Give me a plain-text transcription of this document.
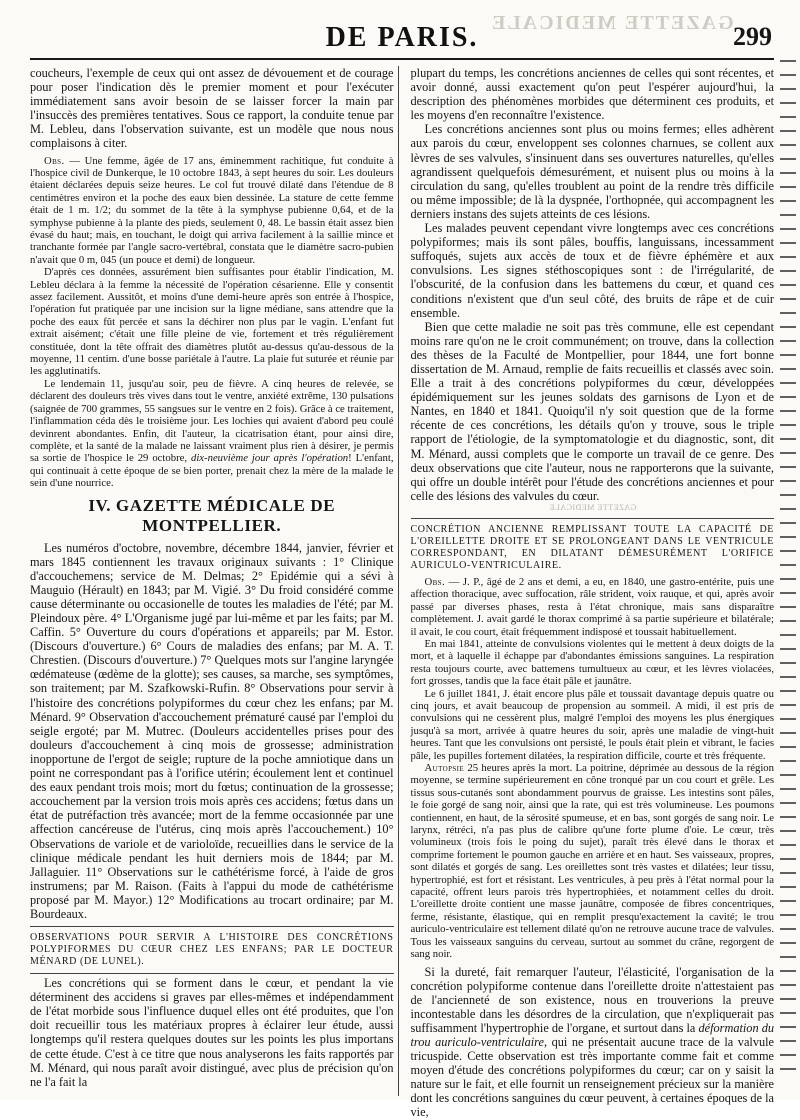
GAZETTE MEDICALE
DE PARIS.	299

coucheurs, l'exemple de ceux qui ont assez de dévouement et de courage pour poser l'indication dès le premier moment et pour l'exécuter immédiatement sans avoir besoin de se laisser forcer la main par l'insuccès des premières tentatives. Sous ce rapport, la conduite tenue par M. Lebleu, dans l'observation suivante, est un modèle que nous nous complaisons à citer.

Obs. — Une femme, âgée de 17 ans, éminemment rachitique, fut conduite à l'hospice civil de Dunkerque, le 10 octobre 1843, à sept heures du soir. Les douleurs étaient déclarées depuis seize heures. Le col fut trouvé dilaté dans l'étendue de 8 centimètres environ et la poche des eaux bien dessinée. La stature de cette femme était de 1 m. 1/2; du sommet de la tête à la symphyse pubienne 0,64, et de la symphyse pubienne à la plante des pieds, seulement 0, 48. Le bassin était assez bien évasé du haut; mais, en touchant, le doigt qui arriva facilement à la saillie mince et tranchante formée par l'angle sacro-vertébral, constata que le diamètre sacro-pubien n'avait que 0 m, 045 (un pouce et demi) de longueur.

D'après ces données, assurément bien suffisantes pour établir l'indication, M. Lebleu déclara à la femme la nécessité de l'opération césarienne. Elle y consentit assez facilement. Aussitôt, et moins d'une demi-heure après son entrée à l'hospice, l'opération fut pratiquée par une incision sur la ligne médiane, sans attendre que la poche des eaux fût percée et sans la déchirer non plus par le vagin. L'enfant fut extrait aisément; c'était une fille pleine de vie, fortement et très régulièrement constituée, dont la tête offrait des diamètres plutôt au-dessus qu'au-dessous de la moyenne, 11 centim. d'une bosse pariétale à l'autre. La plaie fut suturée et réunie par les agglutinatifs.

Le lendemain 11, jusqu'au soir, peu de fièvre. A cinq heures de relevée, se déclarent des douleurs très vives dans tout le ventre, anxiété extrême, 130 pulsations (saignée de 700 grammes, 55 sangsues sur le ventre en 2 fois). Grâce à ce traitement, l'inflammation céda dès le troisième jour. Les lochies qui avaient d'abord peu coulé devinrent abondantes. Enfin, dit l'auteur, la cicatrisation étant, pour ainsi dire, complète, et la santé de la malade ne laissant vraiment plus rien à désirer, je permis sa sortie de l'hospice le 29 octobre, dix-neuvième jour après l'opération! L'enfant, qui continuait à cette époque de se bien porter, prenait chez la mère de la malade le sein d'une nourrice.

IV. GAZETTE MÉDICALE DE MONTPELLIER.

Les numéros d'octobre, novembre, décembre 1844, janvier, février et mars 1845 contiennent les travaux originaux suivants : 1° Clinique d'accouchemens; service de M. Delmas; 2° Epidémie qui a sévi à Mauguio (Hérault) en 1843; par M. Vigié. 3° Du froid considéré comme cause déterminante ou occasionelle de toutes les maladies de l'été; par M. Pleindoux père. 4° L'Organisme jugé par lui-même et par les faits; par M. Caffin. 5° Ouverture du cours d'opérations et appareils; par M. Estor. (Discours d'ouverture.) 6° Cours de maladies des enfans; par M. A. T. Chrestien. (Discours d'ouverture.) 7° Quelques mots sur l'angine laryngée œdémateuse (œdème de la glotte); ses causes, sa marche, ses symptômes, son traitement; par M. Szafkowski-Rufin. 8° Observations pour servir à l'histoire des concrétions polypiformes du cœur chez les enfans; par M. Ménard. 9° Observation d'accouchement prématuré causé par l'emploi du seigle ergoté; par M. Mutrec. (Douleurs accidentelles prises pour des douleurs d'accouchement à cinq mois de grossesse; administration inopportune de l'ergot de seigle; rupture de la poche amniotique dans un point ne correspondant pas à l'orifice utérin; écoulement lent et continuel des eaux pendant trois mois; mort du fœtus; continuation de la grossesse; accouchement par la version trois mois après ces accidens; fœtus dans un état de putréfaction très avancée; mort de la femme occasionnée par une affection cancéreuse de l'utérus, cinq mois après l'accouchement.) 10° Observations de variole et de varioloïde, recueillies dans le service de la clinique médicale pendant les huit derniers mois de 1844; par M. Jallaguier. 11° Observations sur le cathétérisme forcé, à l'aide de gros instrumens; par M. Raison. (Faits à l'appui du mode de cathétérisme proposé par M. Mayor.) 12° Modifications au trocart ordinaire; par M. Bourdeaux.

OBSERVATIONS POUR SERVIR A L'HISTOIRE DES CONCRÉTIONS POLYPIFORMES DU CŒUR CHEZ LES ENFANS; PAR LE DOCTEUR MÉNARD (DE LUNEL).

Les concrétions qui se forment dans le cœur, et pendant la vie déterminent des accidens si graves par elles-mêmes et indépendamment de l'état morbide sous l'influence duquel elles ont été produites, que l'on doit recueillir tous les matériaux propres à éclairer leur étude, aussi longtemps qu'il restera quelques doutes sur les points les plus importans de cette étude. C'est à ce titre que nous analyserons les faits rapportés par M. Ménard, qui nous paraît avoir distingué, avec plus de précision qu'on ne l'a fait la

plupart du temps, les concrétions anciennes de celles qui sont récentes, et avoir donné, aussi exactement qu'on peut l'espérer aujourd'hui, la description des phénomènes morbides que déterminent ces produits, et les moyens d'en reconnaître l'existence.

Les concrétions anciennes sont plus ou moins fermes; elles adhèrent aux parois du cœur, enveloppent ses colonnes charnues, se collent aux lèvres de ses valvules, s'insinuent dans ses ouvertures naturelles, qu'elles agrandissent quelquefois démesurément, et nuisent plus ou moins à la circulation du sang, qu'elles troublent au point de la rendre très difficile ou même impossible; de là la dyspnée, l'orthopnée, qui accompagnent les derniers instans des sujets atteints de ces lésions.

Les malades peuvent cependant vivre longtemps avec ces concrétions polypiformes; mais ils sont pâles, bouffis, languissans, incessamment suffoqués, sujets aux accès de toux et de fièvre éphémère et aux convulsions. Les signes stéthoscopiques sont : de l'irrégularité, de l'obscurité, de la confusion dans les battemens du cœur, et quand ces conditions n'existent que d'un seul côté, des bruits de râpe et de cuir ensemble.

Bien que cette maladie ne soit pas très commune, elle est cependant moins rare qu'on ne le croit communément; on trouve, dans la collection des thèses de la Faculté de Montpellier, pour 1844, une fort bonne dissertation de M. Arnaud, remplie de faits recueillis et classés avec soin. Elle a trait à des concrétions polypiformes du cœur, développées épidémiquement sur les jeunes soldats des garnisons de Lyon et de Nantes, en 1840 et 1841. Quoiqu'il n'y soit question que de la forme récente de ces concrétions, les détails qu'on y trouve, sous le triple rapport de l'étiologie, de la symptomatologie et du diagnostic, sont, dit M. Ménard, aussi complets que le comporte un travail de ce genre. Des deux observations que cite l'auteur, nous ne rapporterons que la suivante, qui offre un double intérêt pour l'étude des concrétions anciennes et pour celle des lésions des valvules du cœur.

GAZETTE MEDICALE
CONCRÉTION ANCIENNE REMPLISSANT TOUTE LA CAPACITÉ DE L'OREILLETTE DROITE ET SE PROLONGEANT DANS LE VENTRICULE CORRESPONDANT, EN DILATANT DÉMESURÉMENT L'ORIFICE AURICULO-VENTRICULAIRE.

Obs. — J. P., âgé de 2 ans et demi, a eu, en 1840, une gastro-entérite, puis une affection thoracique, avec suffocation, râle strident, voix rauque, et qui, après avoir passé par diverses phases, resta à l'état chronique, mais sans disparaître complètement. J. avait gardé le thorax comprimé à sa partie supérieure et bilatérale; il avait, le cou court, était fréquemment indisposé et toussait habituellement.

En mai 1841, atteinte de convulsions violentes qui le mettent à deux doigts de la mort, et à laquelle il échappe par d'abondantes émissions sanguines. La respiration resta toujours courte, avec battemens tumultueux au cœur, et les lèvres violacées, fort grosses, tandis que la face était pâle et jaunâtre.

Le 6 juillet 1841, J. était encore plus pâle et toussait davantage depuis quatre ou cinq jours, et avait beaucoup de propension au sommeil. A midi, il est pris de convulsions qui ne cessèrent plus, malgré l'emploi des moyens les plus énergiques jusqu'à sa mort, arrivée à quatre heures du soir, après une maladie de vingt-huit heures. Tant que les convulsions ont persisté, le pouls était plein et vibrant, le facies pâle, les pupilles fortement dilatées, la respiration difficile, courte et très fréquente.

Autopsie 25 heures après la mort. La poitrine, déprimée au dessous de la région moyenne, se termine supérieurement en cône tronqué par un cou court et grêle. Les tissus sous-cutanés sont abondamment pourvus de graisse. Les intestins sont pâles, le foie gorgé de sang noir, ainsi que la rate, qui est très volumineuse. Les poumons contiennent, en haut, de la sérosité spumeuse, et en bas, sont gorgés de sang noir. Le larynx, rétréci, n'a pas plus de calibre qu'une forte plume d'oie. Le cœur, très volumineux (trois fois le poing du sujet), paraît très élevé dans le thorax et comprime fortement le poumon gauche en arrière et en haut. Ses vaisseaux, propres, sont dilatés et gorgés de sang. Les oreillettes sont très vastes et dilatées; leur tissu, hypertrophié, est fort et résistant. Les ventricules, à peu près à l'état normal pour la capacité, offrent leurs parois très hypertrophiées, et notamment celles du droit. L'oreillette droite contient une masse jaunâtre, composée de fibres concentriques, ferme, résistante, élastique, qui en remplit presqu'exactement la cavité; le trou auriculo-ventriculaire est tellement dilaté qu'on ne retrouve aucune trace de valvules. Tous les vaisseaux sanguins du cerveau, surtout au sommet du crâne, regorgent de sang noir.

Si la dureté, fait remarquer l'auteur, l'élasticité, l'organisation de la concrétion polypiforme contenue dans l'oreillette droite n'attestaient pas de l'ancienneté de son existence, nous en trouverions la preuve incontestable dans les désordres de la circulation, que n'expliquerait pas suffisamment l'hypertrophie de l'organe, et surtout dans la déformation du trou auriculo-ventriculaire, qui ne présentait aucune trace de la valvule tricuspide. Cette observation est très importante comme fait et comme moyen d'étude des concrétions polypiformes du cœur; car on y saisit la nature sur le fait, et elle fournit un renseignement précieux sur la manière dont les concrétions sanguines du cœur peuvent, à certaines époques de la vie,
